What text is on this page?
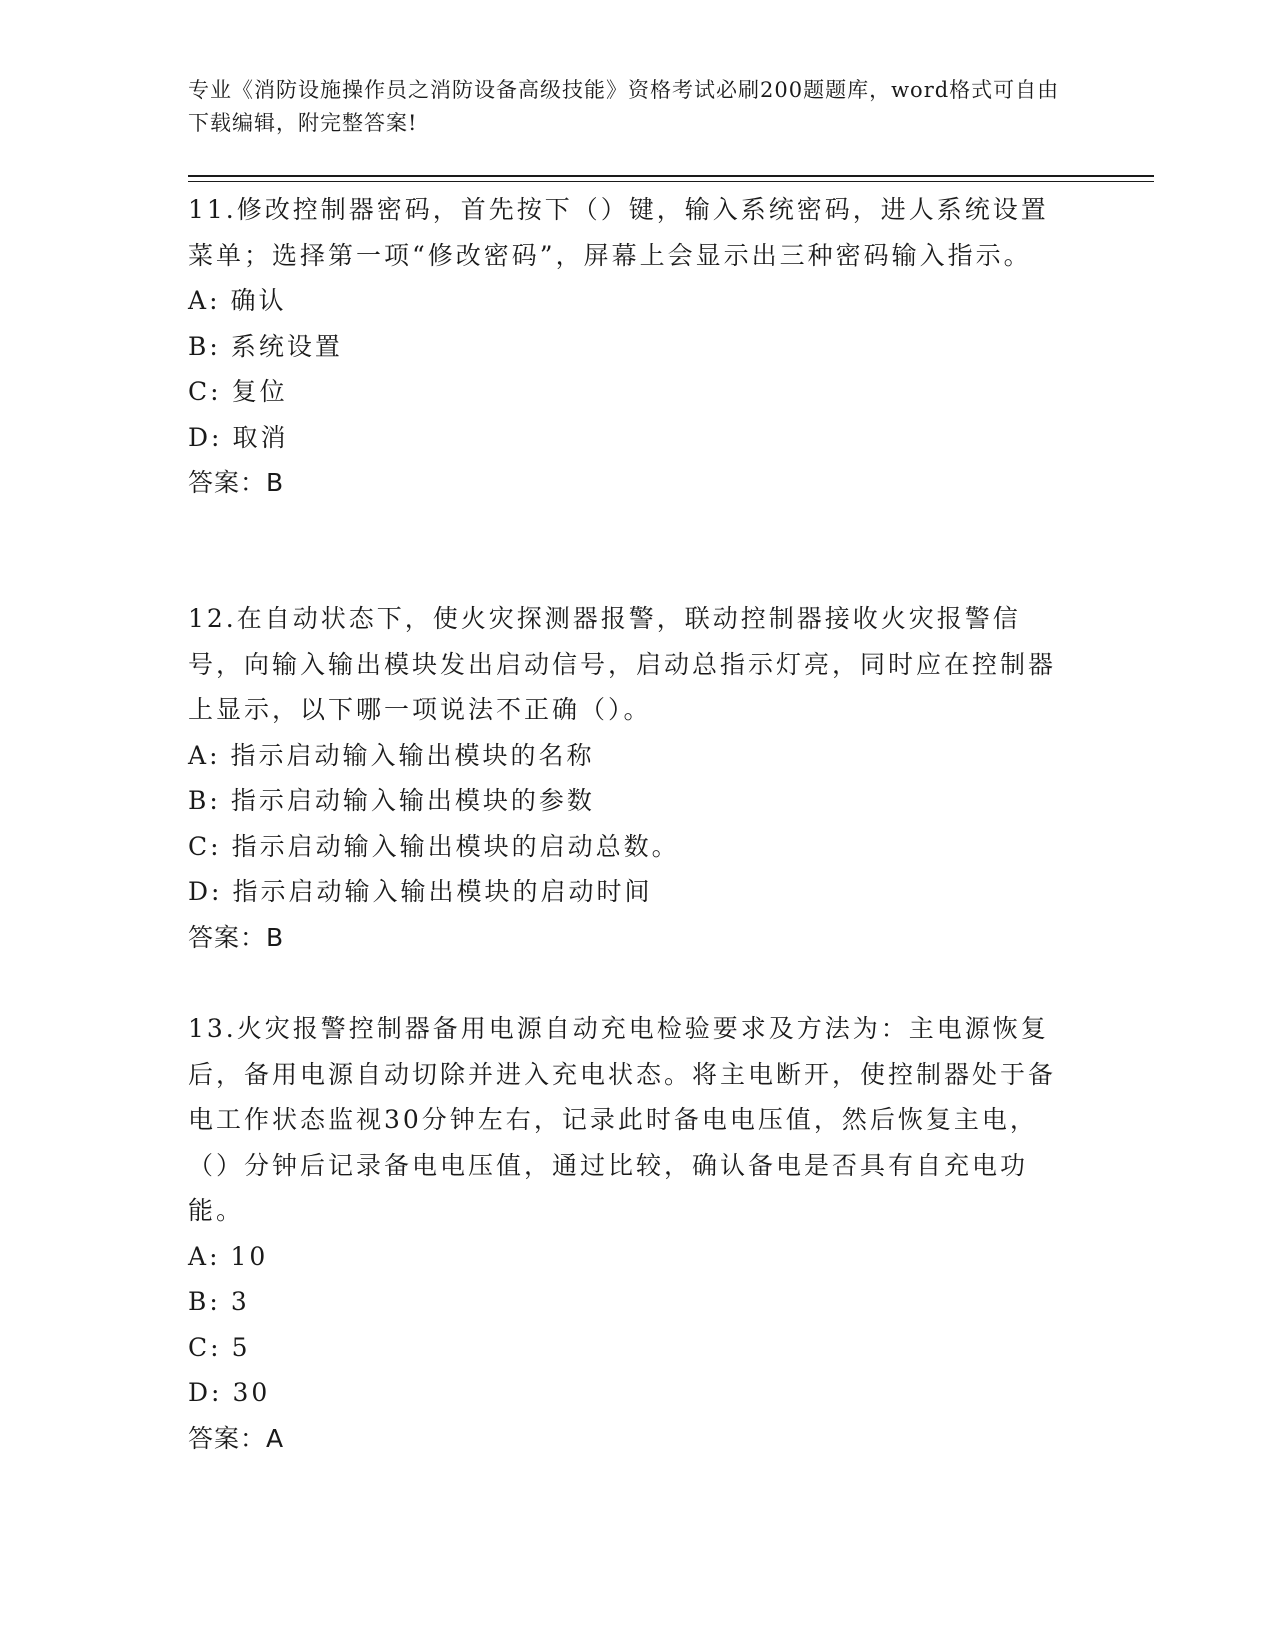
专业《消防设施操作员之消防设备高级技能》资格考试必刷200题题库，word格式可自由下载编辑，附完整答案!

11.修改控制器密码，首先按下（）键，输入系统密码，进人系统设置菜单；选择第一项“修改密码”，屏幕上会显示出三种密码输入指示。

A: 确认

B: 系统设置

C: 复位

D: 取消

答案：B

12.在自动状态下，使火灾探测器报警，联动控制器接收火灾报警信号，向输入输出模块发出启动信号，启动总指示灯亮，同时应在控制器上显示，以下哪一项说法不正确（）。

A: 指示启动输入输出模块的名称

B: 指示启动输入输出模块的参数

C: 指示启动输入输出模块的启动总数。

D: 指示启动输入输出模块的启动时间

答案：B

13.火灾报警控制器备用电源自动充电检验要求及方法为：主电源恢复后，备用电源自动切除并进入充电状态。将主电断开，使控制器处于备电工作状态监视30分钟左右，记录此时备电电压值，然后恢复主电，（）分钟后记录备电电压值，通过比较，确认备电是否具有自充电功能。

A: 10

B: 3

C: 5

D: 30

答案：A
